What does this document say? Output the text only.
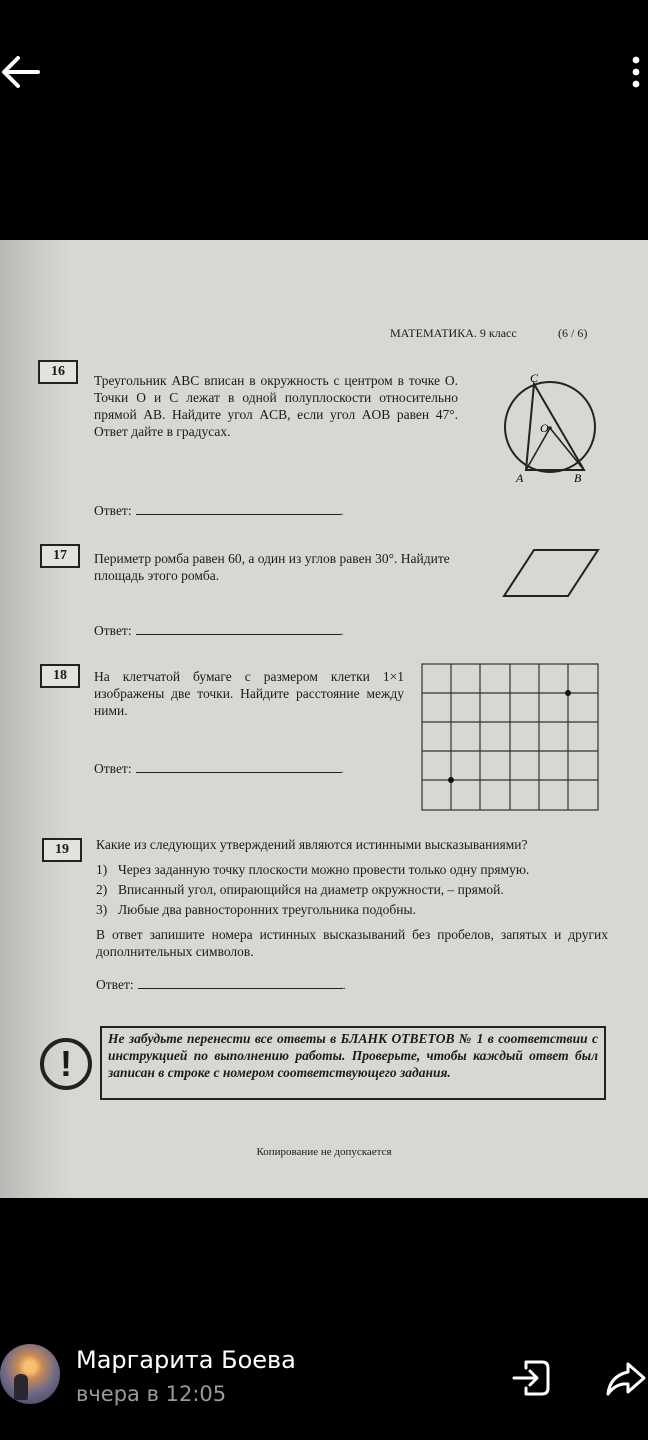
МАТЕМАТИКА. 9 класс	(6 / 6)
16
Треугольник ABC вписан в окружность с центром в точке O. Точки O и C лежат в одной полуплоскости относительно прямой AB. Найдите угол ACB, если угол AOB равен 47°. Ответ дайте в градусах.
C
O
A	B
Ответ:	.
17	Периметр ромба равен 60, а один из углов равен 30°. Найдите площадь этого ромба.
Ответ:	.
18	На клетчатой бумаге с размером клетки 1×1 изображены две точки. Найдите расстояние между ними.
Ответ:	.
19	Какие из следующих утверждений являются истинными высказываниями?
1) Через заданную точку плоскости можно провести только одну прямую.
2) Вписанный угол, опирающийся на диаметр окружности, – прямой.
3) Любые два равносторонних треугольника подобны.
В ответ запишите номера истинных высказываний без пробелов, запятых и других дополнительных символов.
Ответ:	.
!
Не забудьте перенести все ответы в БЛАНК ОТВЕТОВ № 1 в соответствии с инструкцией по выполнению работы. Проверьте, чтобы каждый ответ был записан в строке с номером соответствующего задания.
Копирование не допускается
Маргарита Боева
вчера в 12:05
